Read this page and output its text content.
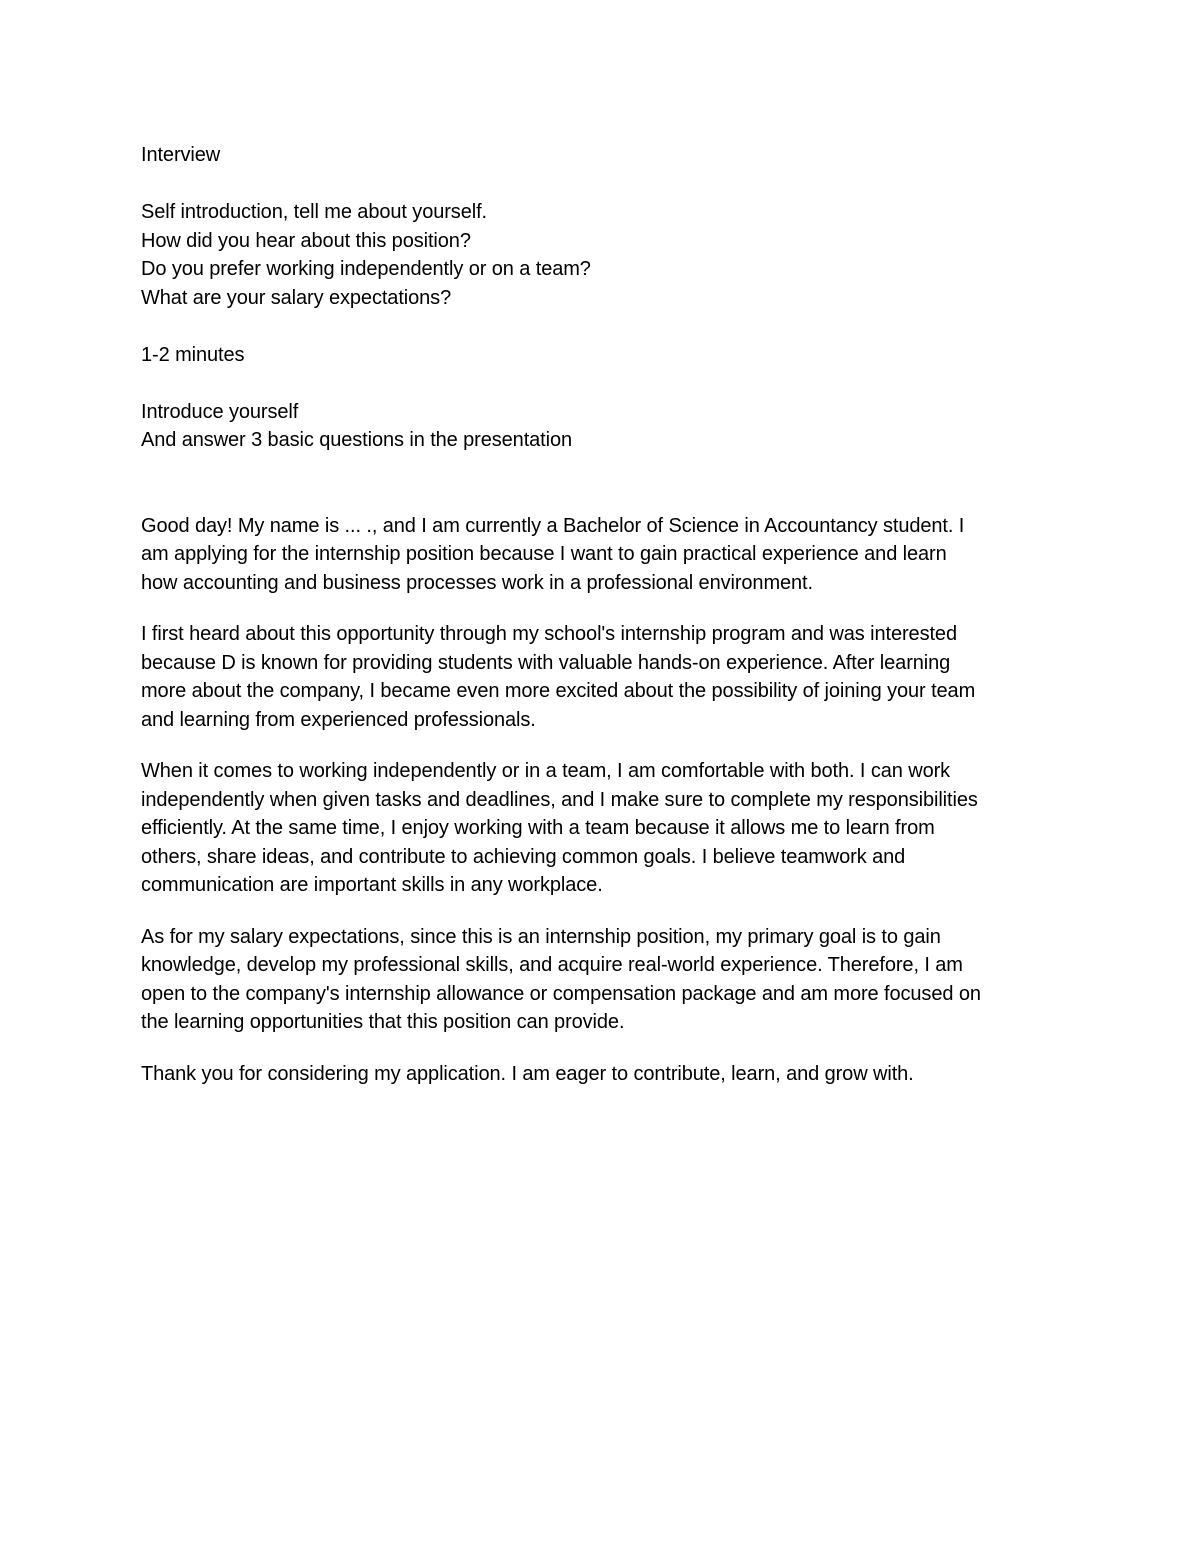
Interview
Self introduction, tell me about yourself.
How did you hear about this position?
Do you prefer working independently or on a team?
What are your salary expectations?
1-2 minutes
Introduce yourself
And answer 3 basic questions in the presentation
Good day! My name is ... ., and I am currently a Bachelor of Science in Accountancy student. I
am applying for the internship position because I want to gain practical experience and learn
how accounting and business processes work in a professional environment.
I first heard about this opportunity through my school's internship program and was interested
because D is known for providing students with valuable hands-on experience. After learning
more about the company, I became even more excited about the possibility of joining your team
and learning from experienced professionals.
When it comes to working independently or in a team, I am comfortable with both. I can work
independently when given tasks and deadlines, and I make sure to complete my responsibilities
efficiently. At the same time, I enjoy working with a team because it allows me to learn from
others, share ideas, and contribute to achieving common goals. I believe teamwork and
communication are important skills in any workplace.
As for my salary expectations, since this is an internship position, my primary goal is to gain
knowledge, develop my professional skills, and acquire real-world experience. Therefore, I am
open to the company's internship allowance or compensation package and am more focused on
the learning opportunities that this position can provide.
Thank you for considering my application. I am eager to contribute, learn, and grow with.
